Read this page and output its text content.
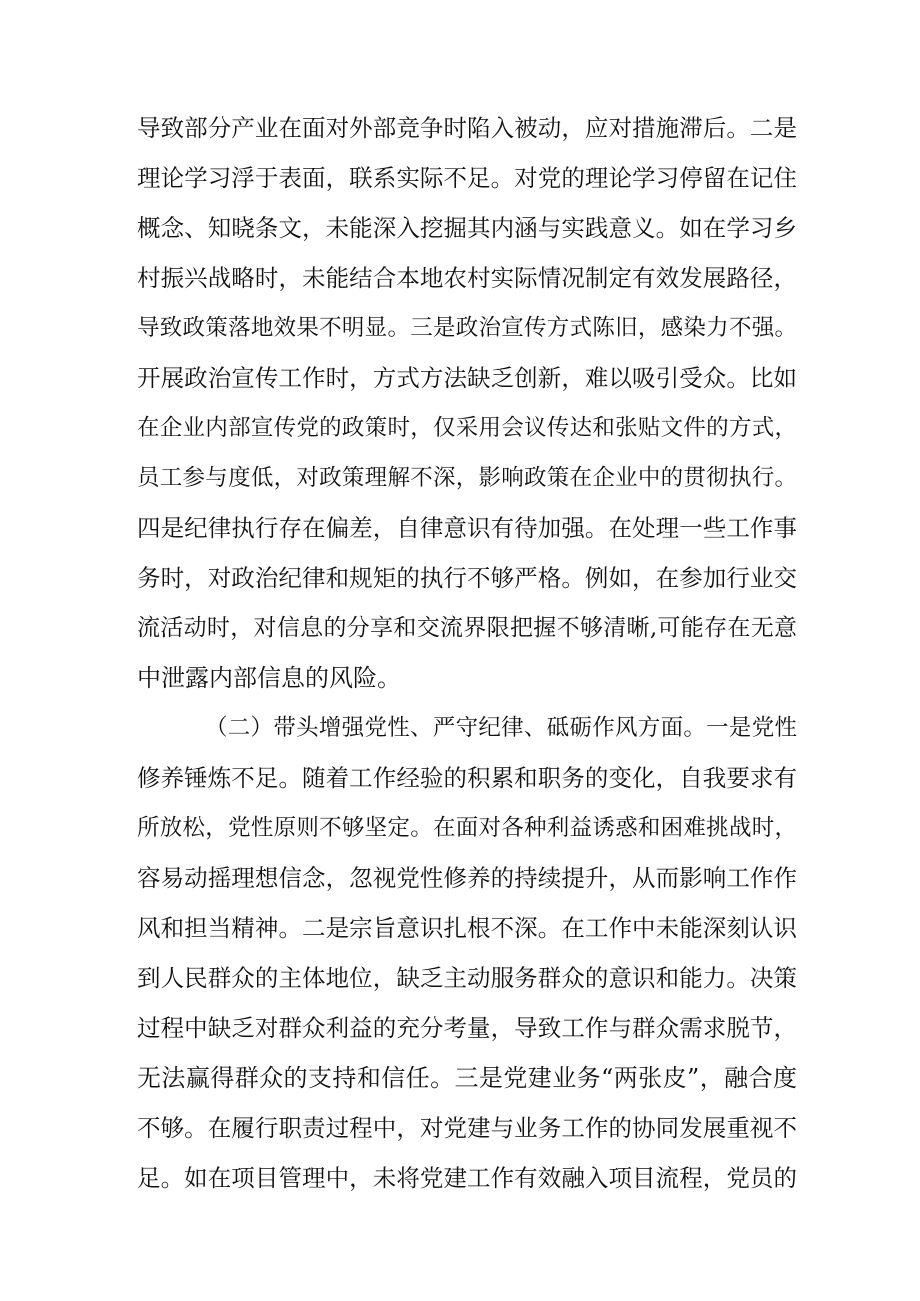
导致部分产业在面对外部竞争时陷入被动，应对措施滞后。二是
理论学习浮于表面，联系实际不足。对党的理论学习停留在记住
概念、知晓条文，未能深入挖掘其内涵与实践意义。如在学习乡
村振兴战略时，未能结合本地农村实际情况制定有效发展路径，
导致政策落地效果不明显。三是政治宣传方式陈旧，感染力不强。
开展政治宣传工作时，方式方法缺乏创新，难以吸引受众。比如
在企业内部宣传党的政策时，仅采用会议传达和张贴文件的方式，
员工参与度低，对政策理解不深，影响政策在企业中的贯彻执行。
四是纪律执行存在偏差，自律意识有待加强。在处理一些工作事
务时，对政治纪律和规矩的执行不够严格。例如，在参加行业交
流活动时，对信息的分享和交流界限把握不够清晰,可能存在无意
中泄露内部信息的风险。
（二）带头增强党性、严守纪律、砥砺作风方面。一是党性
修养锤炼不足。随着工作经验的积累和职务的变化，自我要求有
所放松，党性原则不够坚定。在面对各种利益诱惑和困难挑战时，
容易动摇理想信念，忽视党性修养的持续提升，从而影响工作作
风和担当精神。二是宗旨意识扎根不深。在工作中未能深刻认识
到人民群众的主体地位，缺乏主动服务群众的意识和能力。决策
过程中缺乏对群众利益的充分考量，导致工作与群众需求脱节，
无法赢得群众的支持和信任。三是党建业务“两张皮”，融合度
不够。在履行职责过程中，对党建与业务工作的协同发展重视不
足。如在项目管理中，未将党建工作有效融入项目流程，党员的
